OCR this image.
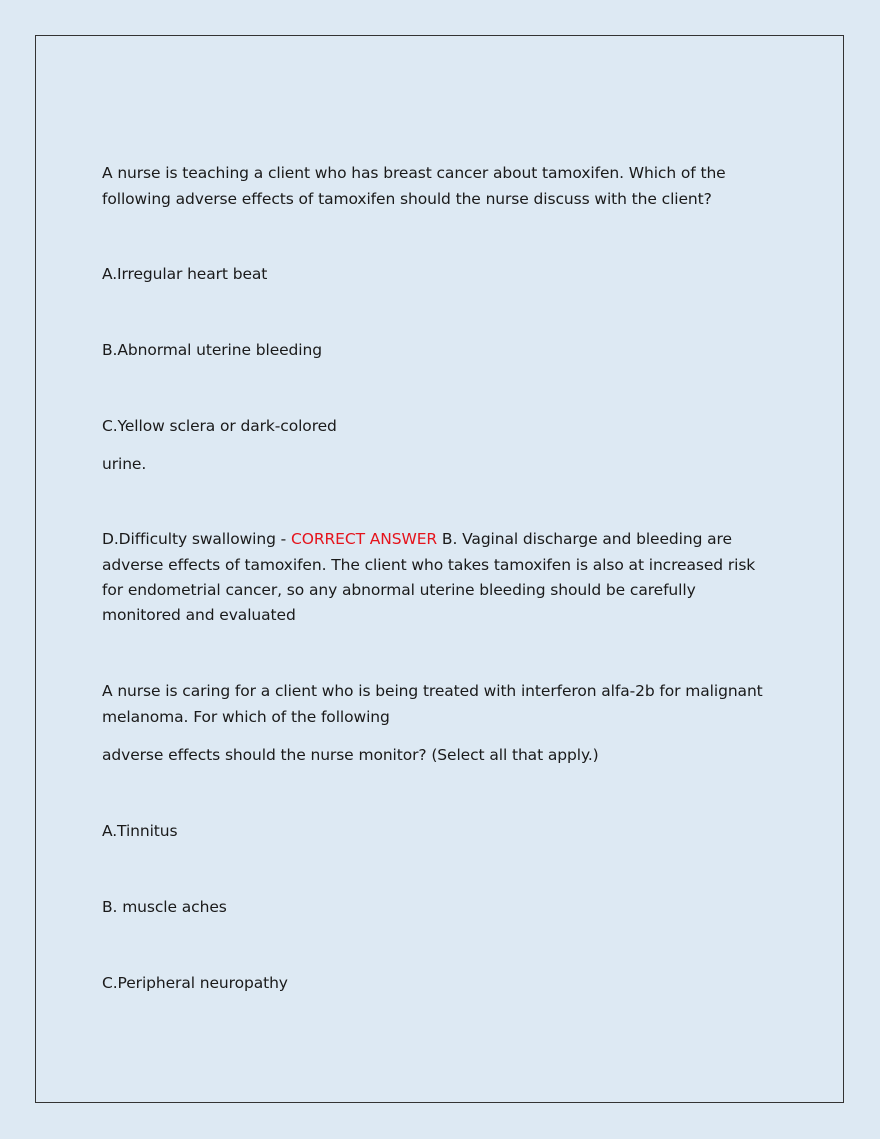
A nurse is teaching a client who has breast cancer about tamoxifen. Which of the
following adverse effects of tamoxifen should the nurse discuss with the client?
A.Irregular heart beat
B.Abnormal uterine bleeding
C.Yellow sclera or dark-colored
urine.
D.Difficulty swallowing - CORRECT ANSWER B. Vaginal discharge and bleeding are
adverse effects of tamoxifen. The client who takes tamoxifen is also at increased risk
for endometrial cancer, so any abnormal uterine bleeding should be carefully
monitored and evaluated
A nurse is caring for a client who is being treated with interferon alfa-2b for malignant
melanoma. For which of the following
adverse effects should the nurse monitor? (Select all that apply.)
A.Tinnitus
B. muscle aches
C.Peripheral neuropathy
